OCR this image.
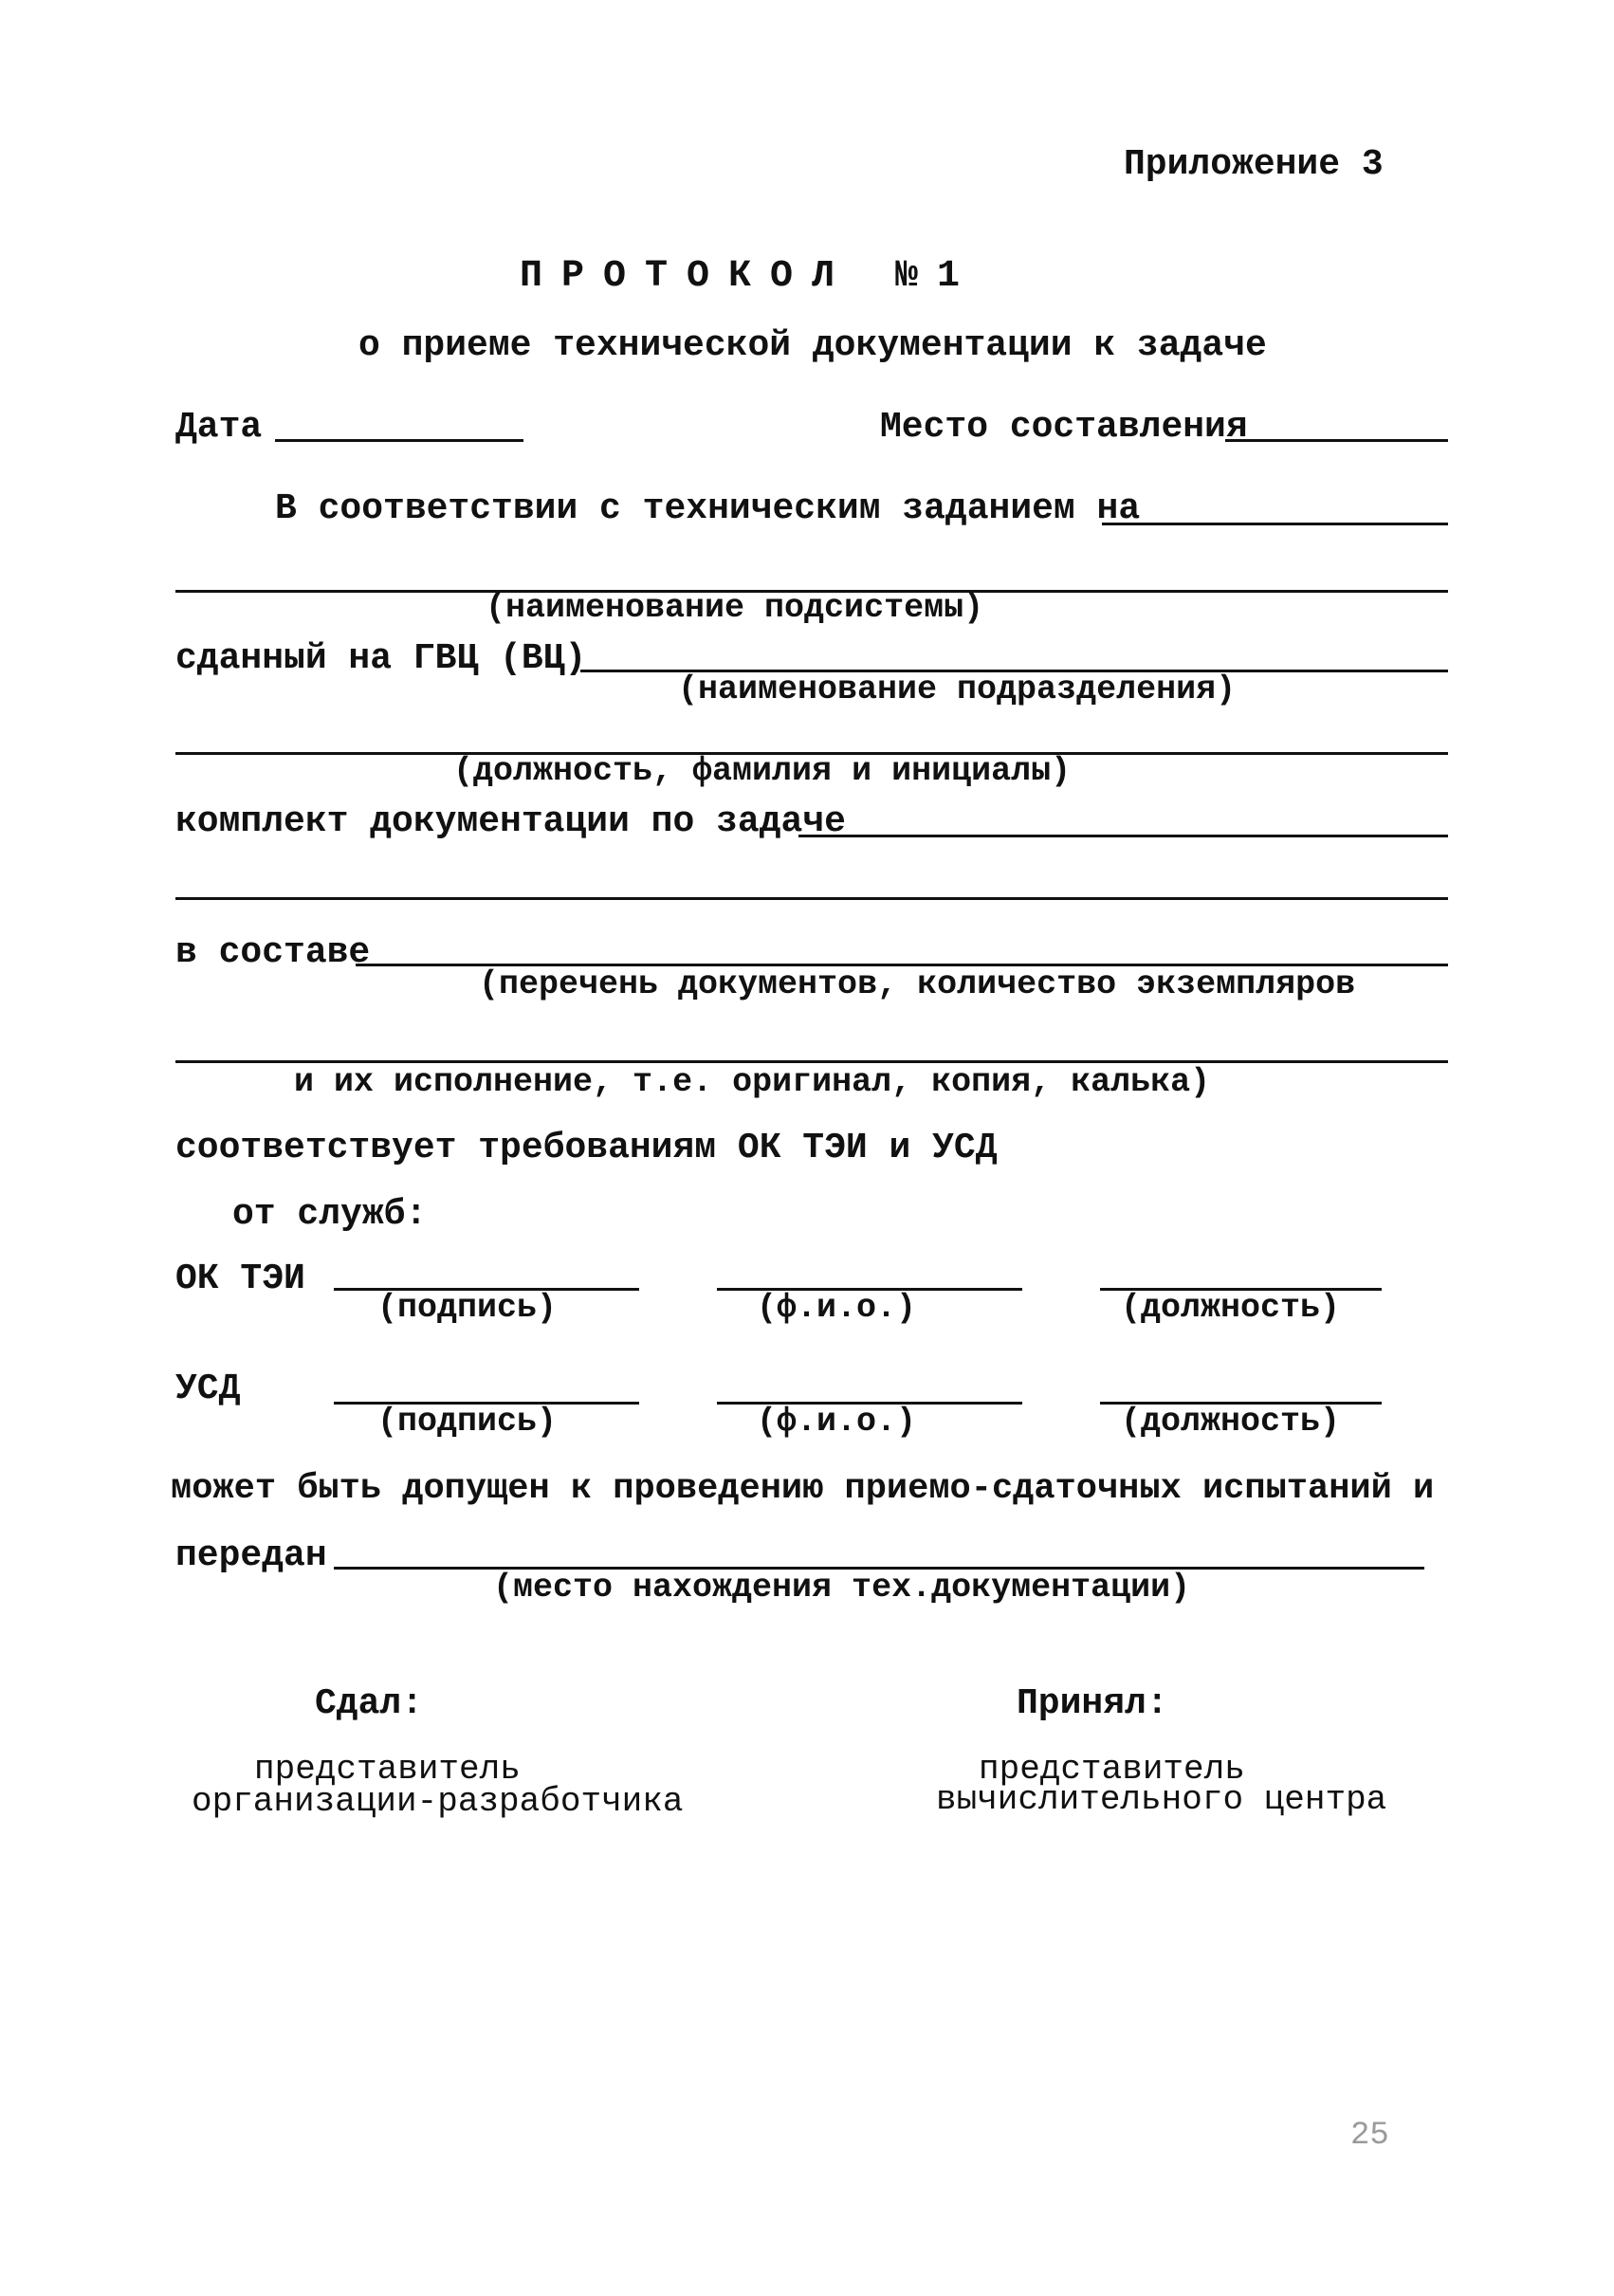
Приложение 3
ПРОТОКОЛ №1
о приеме технической документации к задаче
Дата	Место составления
В соответствии с техническим заданием на
(наименование подсистемы)
сданный на ГВЦ (ВЦ)
(наименование подразделения)
(должность, фамилия и инициалы)
комплект документации по задаче
в составе
(перечень документов, количество экземпляров
и их исполнение, т.е. оригинал, копия, калька)
соответствует требованиям ОК ТЭИ и УСД
от служб:
ОК ТЭИ
(подпись)	(ф.и.о.)	(должность)
УСД
(подпись)	(ф.и.о.)	(должность)
может быть допущен к проведению приемо-сдаточных испытаний и
передан
(место нахождения тех.документации)
Сдал:
представитель
организации-разработчика
Принял:
представитель
вычислительного центра
25
